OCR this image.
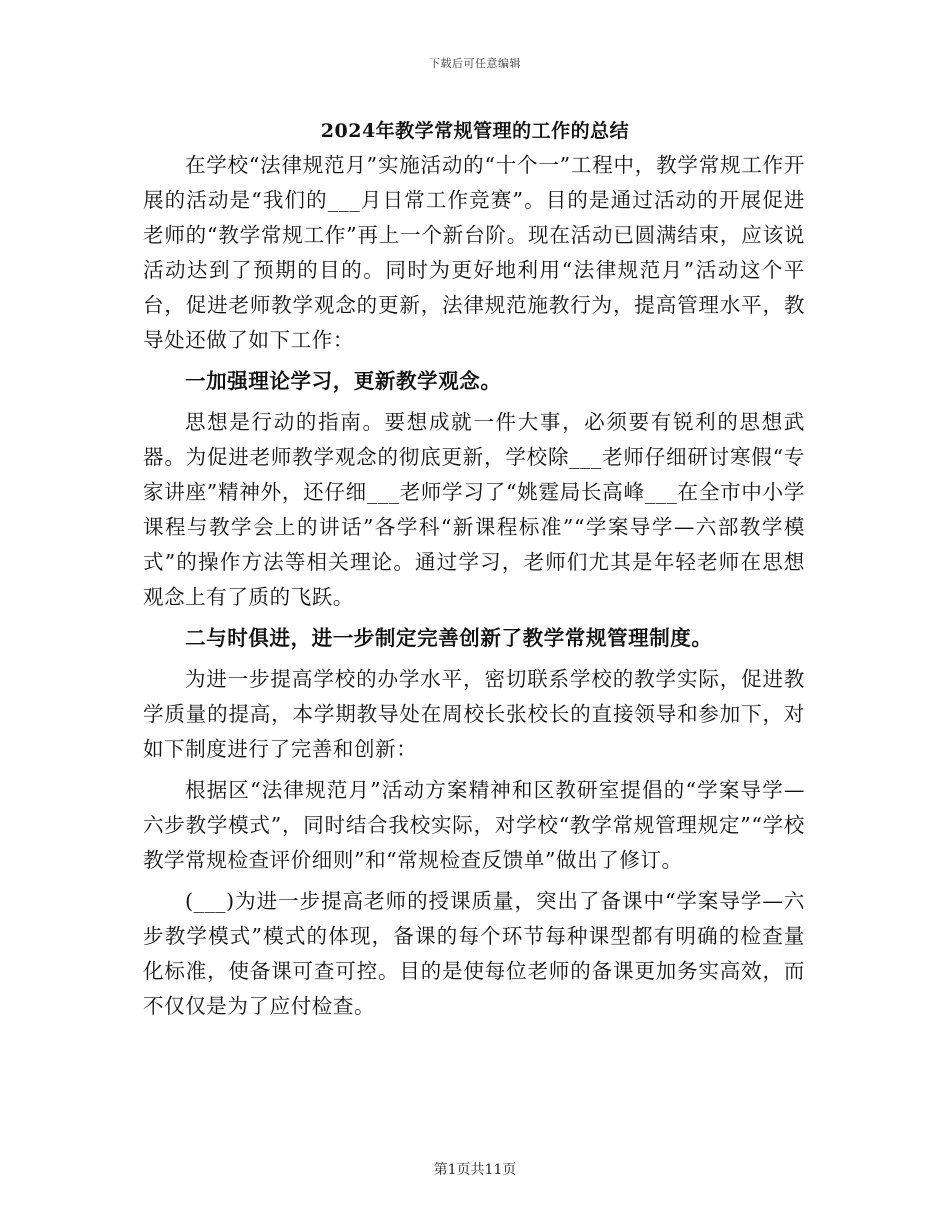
下载后可任意编辑
2024年教学常规管理的工作的总结

在学校“法律规范月”实施活动的“十个一”工程中，教学常规工作开展的活动是“我们的___月日常工作竞赛”。目的是通过活动的开展促进老师的“教学常规工作”再上一个新台阶。现在活动已圆满结束，应该说活动达到了预期的目的。同时为更好地利用“法律规范月”活动这个平台，促进老师教学观念的更新，法律规范施教行为，提高管理水平，教导处还做了如下工作：

一加强理论学习，更新教学观念。

思想是行动的指南。要想成就一件大事，必须要有锐利的思想武器。为促进老师教学观念的彻底更新，学校除___老师仔细研讨寒假“专家讲座”精神外，还仔细___老师学习了“姚霆局长高峰___在全市中小学课程与教学会上的讲话”各学科“新课程标准”“学案导学—六部教学模式”的操作方法等相关理论。通过学习，老师们尤其是年轻老师在思想观念上有了质的飞跃。

二与时俱进，进一步制定完善创新了教学常规管理制度。

为进一步提高学校的办学水平，密切联系学校的教学实际，促进教学质量的提高，本学期教导处在周校长张校长的直接领导和参加下，对如下制度进行了完善和创新：

根据区“法律规范月”活动方案精神和区教研室提倡的“学案导学—六步教学模式”，同时结合我校实际，对学校“教学常规管理规定”“学校教学常规检查评价细则”和“常规检查反馈单”做出了修订。

(___)为进一步提高老师的授课质量，突出了备课中“学案导学—六步教学模式”模式的体现，备课的每个环节每种课型都有明确的检查量化标准，使备课可查可控。目的是使每位老师的备课更加务实高效，而不仅仅是为了应付检查。

第1页共11页
